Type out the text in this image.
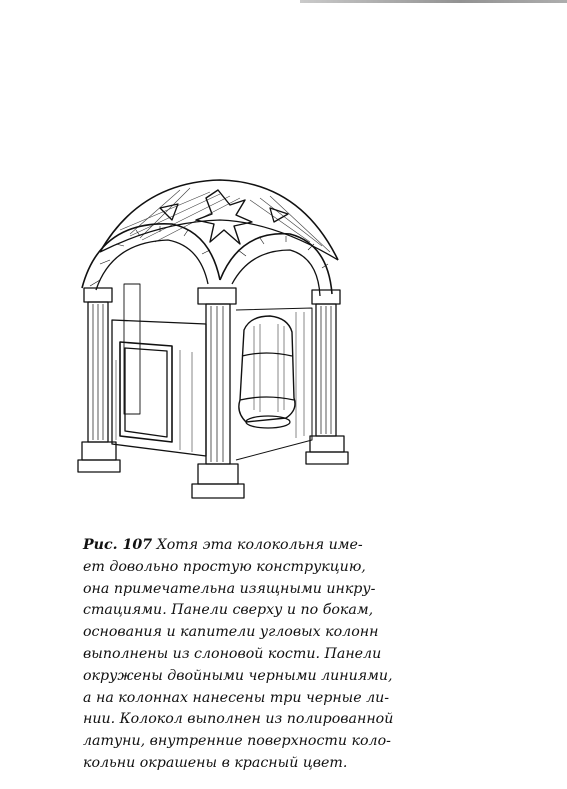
Рис. 107 Хотя эта колокольня име-
ет довольно простую конструкцию,
она примечательна изящными инкру-
стациями. Панели сверху и по бокам,
основания и капители угловых колонн
выполнены из слоновой кости. Панели
окружены двойными черными линиями,
а на колоннах нанесены три черные ли-
нии. Колокол выполнен из полированной
латуни, внутренние поверхности коло-
кольни окрашены в красный цвет.
